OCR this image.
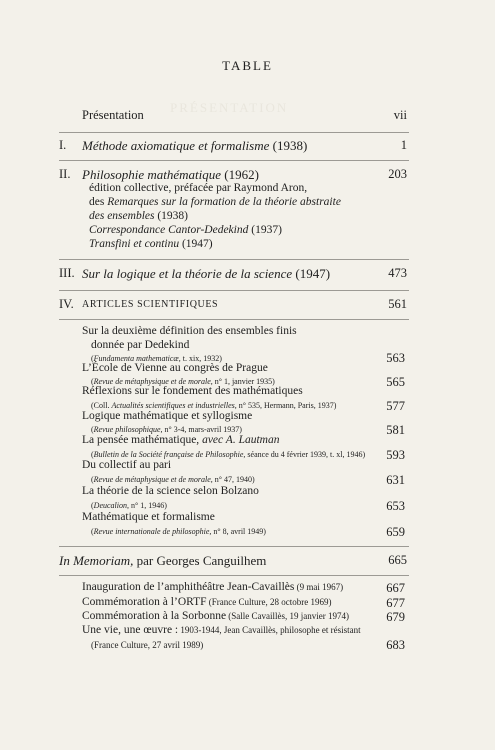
PRÉSENTATION
TABLE
Présentation	vii
I. Méthode axiomatique et formalisme (1938)	1
II. Philosophie mathématique (1962)	203
édition collective, préfacée par Raymond Aron,
des Remarques sur la formation de la théorie abstraite
des ensembles (1938)
Correspondance Cantor-Dedekind (1937)
Transfini et continu (1947)
III. Sur la logique et la théorie de la science (1947)	473
IV. ARTICLES SCIENTIFIQUES	561
Sur la deuxième définition des ensembles finis
donnée par Dedekind
(Fundamenta mathematicæ, t. xix, 1932)	563
L’École de Vienne au congrès de Prague
(Revue de métaphysique et de morale, n° 1, janvier 1935)	565
Réflexions sur le fondement des mathématiques
(Coll. Actualités scientifiques et industrielles, n° 535, Hermann, Paris, 1937)	577
Logique mathématique et syllogisme
(Revue philosophique, n° 3-4, mars-avril 1937)	581
La pensée mathématique, avec A. Lautman
(Bulletin de la Société française de Philosophie, séance du 4 février 1939, t. xl, 1946) 593
Du collectif au pari
(Revue de métaphysique et de morale, n° 47, 1940)	631
La théorie de la science selon Bolzano
(Deucalion, n° 1, 1946)	653
Mathématique et formalisme
(Revue internationale de philosophie, n° 8, avril 1949)	659
In Memoriam, par Georges Canguilhem	665
Inauguration de l’amphithéâtre Jean-Cavaillès (9 mai 1967)	667
Commémoration à l’ORTF (France Culture, 28 octobre 1969)	677
Commémoration à la Sorbonne (Salle Cavaillès, 19 janvier 1974)	679
Une vie, une œuvre : 1903-1944, Jean Cavaillès, philosophe et résistant
(France Culture, 27 avril 1989)	683
